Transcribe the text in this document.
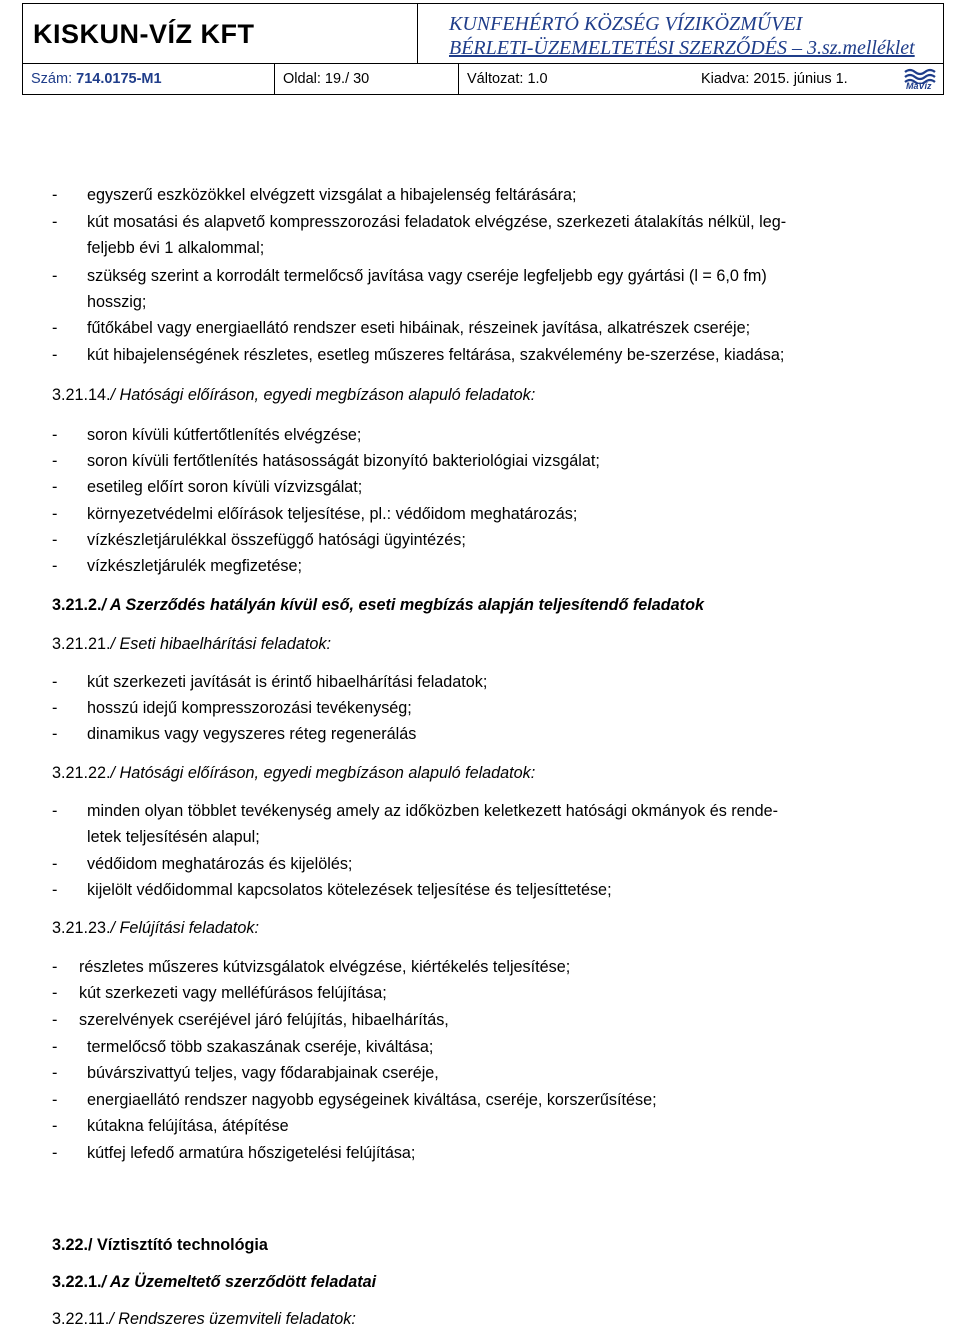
KISKUN-VÍZ KFT	KUNFEHÉRTÓ KÖZSÉG VÍZIKÖZMŰVEI
BÉRLETI-ÜZEMELTETÉSI SZERZŐDÉS – 3.sz.melléklet
Szám: 714.0175-M1	Oldal: 19./ 30	Változat: 1.0	Kiadva: 2015. június 1.	MaVíz
-	egyszerű eszközökkel elvégzett vizsgálat a hibajelenség feltárására;
-	kút mosatási és alapvető kompresszorozási feladatok elvégzése, szerkezeti átalakítás nélkül, leg-
feljebb évi 1 alkalommal;
-	szükség szerint a korrodált termelőcső javítása vagy cseréje legfeljebb egy gyártási (l = 6,0 fm)
hosszig;
-	fűtőkábel vagy energiaellátó rendszer eseti hibáinak, részeinek javítása, alkatrészek cseréje;
-	kút hibajelenségének részletes, esetleg műszeres feltárása, szakvélemény be-szerzése, kiadása;
3.21.14./ Hatósági előíráson, egyedi megbízáson alapuló feladatok:
-	soron kívüli kútfertőtlenítés elvégzése;
-	soron kívüli fertőtlenítés hatásosságát bizonyító bakteriológiai vizsgálat;
-	esetileg előírt soron kívüli vízvizsgálat;
-	környezetvédelmi előírások teljesítése, pl.: védőidom meghatározás;
-	vízkészletjárulékkal összefüggő hatósági ügyintézés;
-	vízkészletjárulék megfizetése;
3.21.2./ A Szerződés hatályán kívül eső, eseti megbízás alapján teljesítendő feladatok
3.21.21./ Eseti hibaelhárítási feladatok:
-	kút szerkezeti javítását is érintő hibaelhárítási feladatok;
-	hosszú idejű kompresszorozási tevékenység;
-	dinamikus vagy vegyszeres réteg regenerálás
3.21.22./ Hatósági előíráson, egyedi megbízáson alapuló feladatok:
-	minden olyan többlet tevékenység amely az időközben keletkezett hatósági okmányok és rende-
letek teljesítésén alapul;
-	védőidom meghatározás és kijelölés;
-	kijelölt védőidommal kapcsolatos kötelezések teljesítése és teljesíttetése;
3.21.23./ Felújítási feladatok:
-	részletes műszeres kútvizsgálatok elvégzése, kiértékelés teljesítése;
-	kút szerkezeti vagy melléfúrásos felújítása;
-	szerelvények cseréjével járó felújítás, hibaelhárítás,
-	termelőcső több szakaszának cseréje, kiváltása;
-	búvárszivattyú teljes, vagy fődarabjainak cseréje,
-	energiaellátó rendszer nagyobb egységeinek kiváltása, cseréje, korszerűsítése;
-	kútakna felújítása, átépítése
-	kútfej lefedő armatúra hőszigetelési felújítása;
3.22./ Víztisztító technológia
3.22.1./ Az Üzemeltető szerződött feladatai
3.22.11./ Rendszeres üzemviteli feladatok:
